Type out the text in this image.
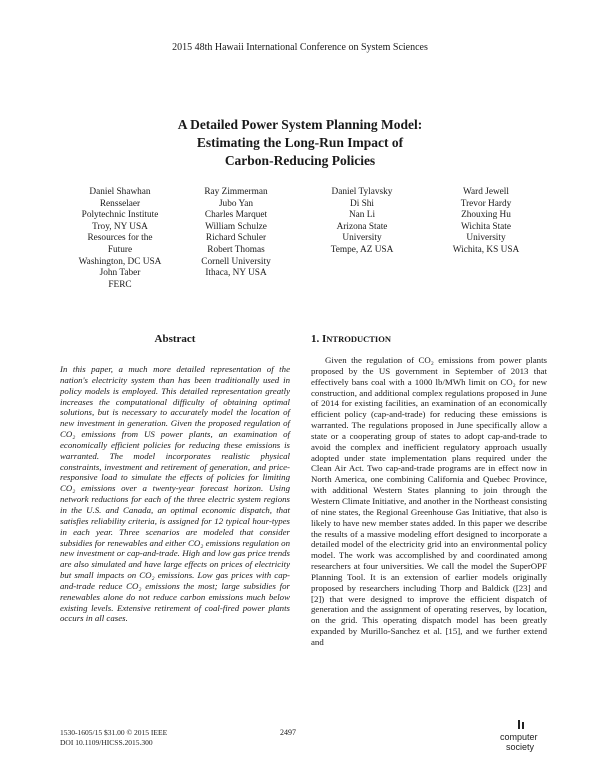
2015 48th Hawaii International Conference on System Sciences
A Detailed Power System Planning Model:
Estimating the Long-Run Impact of
Carbon-Reducing Policies
Daniel Shawhan
Rensselaer
Polytechnic Institute
Troy, NY USA
Resources for the
Future
Washington, DC USA
John Taber
FERC
Ray Zimmerman
Jubo Yan
Charles Marquet
William Schulze
Richard Schuler
Robert Thomas
Cornell University
Ithaca, NY USA
Daniel Tylavsky
Di Shi
Nan Li
Arizona State
University
Tempe, AZ USA
Ward Jewell
Trevor Hardy
Zhouxing Hu
Wichita State
University
Wichita, KS USA
Abstract	1. INTRODUCTION
In this paper, a much more detailed representation of the nation's electricity system than has been traditionally used in policy models is employed. This detailed representation greatly increases the computational difficulty of obtaining optimal solutions, but is necessary to accurately model the location of new investment in generation. Given the proposed regulation of CO₂ emissions from US power plants, an examination of economically efficient policies for reducing these emissions is warranted. The model incorporates realistic physical constraints, investment and retirement of generation, and price-responsive load to simulate the effects of policies for limiting CO₂ emissions over a twenty-year forecast horizon. Using network reductions for each of the three electric system regions in the U.S. and Canada, an optimal economic dispatch, that satisfies reliability criteria, is assigned for 12 typical hour-types in each year. Three scenarios are modeled that consider subsidies for renewables and either CO₂ emissions regulation on new investment or cap-and-trade. High and low gas price trends are also simulated and have large effects on prices of electricity but small impacts on CO₂ emissions. Low gas prices with cap-and-trade reduce CO₂ emissions the most; large subsidies for renewables alone do not reduce carbon emissions much below existing levels. Extensive retirement of coal-fired power plants occurs in all cases.
Given the regulation of CO₂ emissions from power plants proposed by the US government in September of 2013 that effectively bans coal with a 1000 lb/MWh limit on CO₂ for new construction, and additional complex regulations proposed in June of 2014 for existing facilities, an examination of an economically efficient policy (cap-and-trade) for reducing these emissions is warranted. The regulations proposed in June specifically allow a state or a cooperating group of states to adopt cap-and-trade to avoid the complex and inefficient regulatory approach usually adopted under state implementation plans required under the Clean Air Act. Two cap-and-trade programs are in effect now in North America, one combining California and Quebec Province, with additional Western States planning to join through the Western Climate Initiative, and another in the Northeast consisting of nine states, the Regional Greenhouse Gas Initiative, that also is likely to have new member states added. In this paper we describe the results of a massive modeling effort designed to incorporate a detailed model of the electricity grid into an environmental policy model. The work was accomplished by and coordinated among researchers at four universities. We call the model the SuperOPF Planning Tool. It is an extension of earlier models originally proposed by researchers including Thorp and Baldick ([23] and [2]) that were designed to improve the efficient dispatch of generation and the assignment of operating reserves, by location, on the grid. This operating dispatch model has been greatly expanded by Murillo-Sanchez et al. [15], and we further extend and
1530-1605/15 $31.00 © 2015 IEEE
DOI 10.1109/HICSS.2015.300
2497	computer
society
